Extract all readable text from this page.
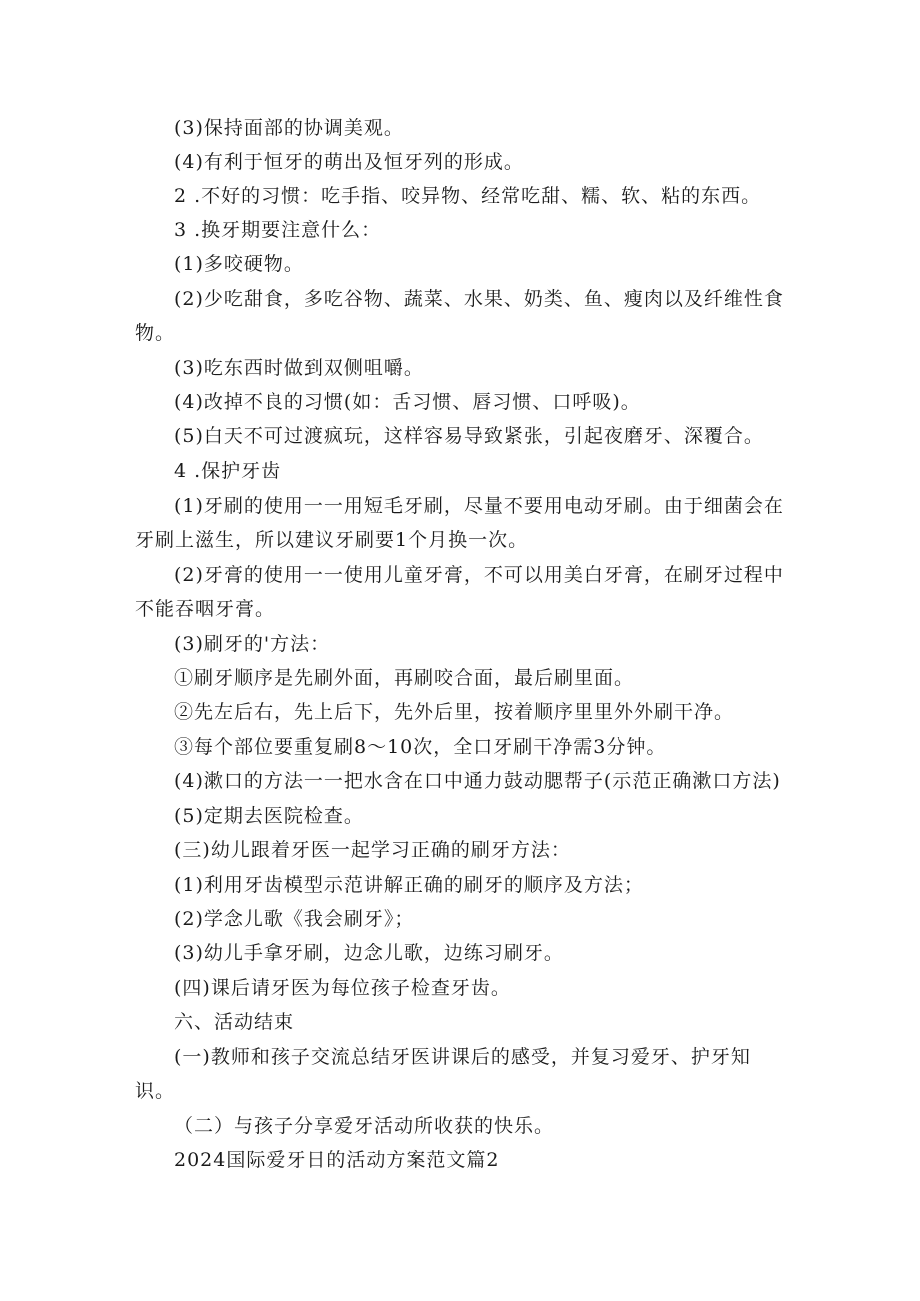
(3)保持面部的协调美观。
(4)有利于恒牙的萌出及恒牙列的形成。
2 .不好的习惯：吃手指、咬异物、经常吃甜、糯、软、粘的东西。
3 .换牙期要注意什么：
(1)多咬硬物。
(2)少吃甜食，多吃谷物、蔬菜、水果、奶类、鱼、瘦肉以及纤维性食
物。
(3)吃东西时做到双侧咀嚼。
(4)改掉不良的习惯(如：舌习惯、唇习惯、口呼吸)。
(5)白天不可过渡疯玩，这样容易导致紧张，引起夜磨牙、深覆合。
4 .保护牙齿
(1)牙刷的使用一一用短毛牙刷，尽量不要用电动牙刷。由于细菌会在
牙刷上滋生，所以建议牙刷要1个月换一次。
(2)牙膏的使用一一使用儿童牙膏，不可以用美白牙膏，在刷牙过程中
不能吞咽牙膏。
(3)刷牙的'方法：
①刷牙顺序是先刷外面，再刷咬合面，最后刷里面。
②先左后右，先上后下，先外后里，按着顺序里里外外刷干净。
③每个部位要重复刷8〜10次，全口牙刷干净需3分钟。
(4)漱口的方法一一把水含在口中通力鼓动腮帮子(示范正确漱口方法)
(5)定期去医院检查。
(三)幼儿跟着牙医一起学习正确的刷牙方法：
(1)利用牙齿模型示范讲解正确的刷牙的顺序及方法；
(2)学念儿歌《我会刷牙》；
(3)幼儿手拿牙刷，边念儿歌，边练习刷牙。
(四)课后请牙医为每位孩子检查牙齿。
六、活动结束
(一)教师和孩子交流总结牙医讲课后的感受，并复习爱牙、护牙知
识。
（二）与孩子分享爱牙活动所收获的快乐。
2024国际爱牙日的活动方案范文篇2
